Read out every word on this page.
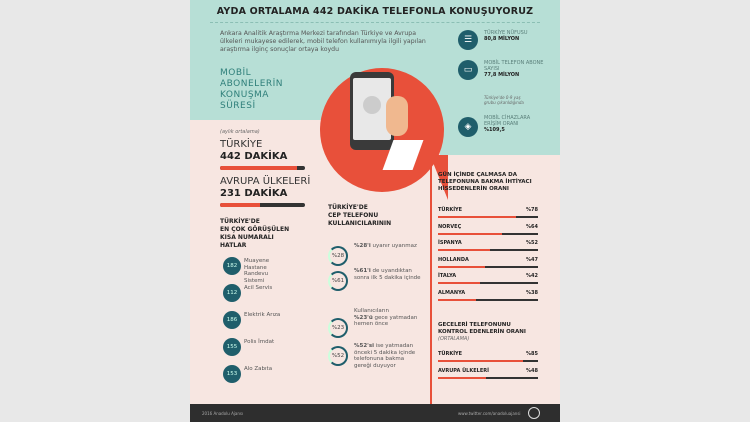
AYDA ORTALAMA 442 DAKİKA TELEFONLA KONUŞUYORUZ
Ankara Analitik Araştırma Merkezi tarafından Türkiye ve Avrupa ülkeleri mukayese edilerek, mobil telefon kullanımıyla ilgili yapılan araştırma ilginç sonuçlar ortaya koydu
MOBİL
ABONELERİN
KONUŞMA
SÜRESİ
☰
TÜRKİYE NÜFUSU
80,8 MİLYON
▭
MOBİL TELEFON ABONE SAYISI
77,8 MİLYON
Türkiye'de 0-9 yaş grubu çıkarıldığında
◈
MOBİL CİHAZLARA ERİŞİM ORANI
%109,5
(aylık ortalama)
TÜRKİYE
442 DAKİKA
AVRUPA ÜLKELERİ
231 DAKİKA
TÜRKİYE'DE
EN ÇOK GÖRÜŞÜLEN
KISA NUMARALI
HATLAR
TÜRKİYE'DE
CEP TELEFONU
KULLANICILARININ
GÜN İÇİNDE ÇALMASA DA
TELEFONUNA BAKMA İHTİYACI
HİSSEDENLERİN ORANI
GECELERİ TELEFONUNU
KONTROL EDENLERİN ORANI
(ORTALAMA)
2016 Anadolu Ajansı	www.twitter.com/anadoluajansi
182
Muayene Hastane Randevu Sistemi
112
Acil Servis
186
Elektrik Arıza
155
Polis İmdat
153
Alo Zabıta
%28
%28'i uyanır uyanmaz
%61
%61'i de uyandıktan sonra ilk 5 dakika içinde
%23
Kullanıcıların
%23'ü gece yatmadan hemen önce
%52
%52'si ise yatmadan önceki 5 dakika içinde telefonuna bakma gereği duyuyor
TÜRKİYE	%78
NORVEÇ	%64
İSPANYA	%52
HOLLANDA	%47
İTALYA	%42
ALMANYA	%38
TÜRKİYE	%85
AVRUPA ÜLKELERİ	%48
